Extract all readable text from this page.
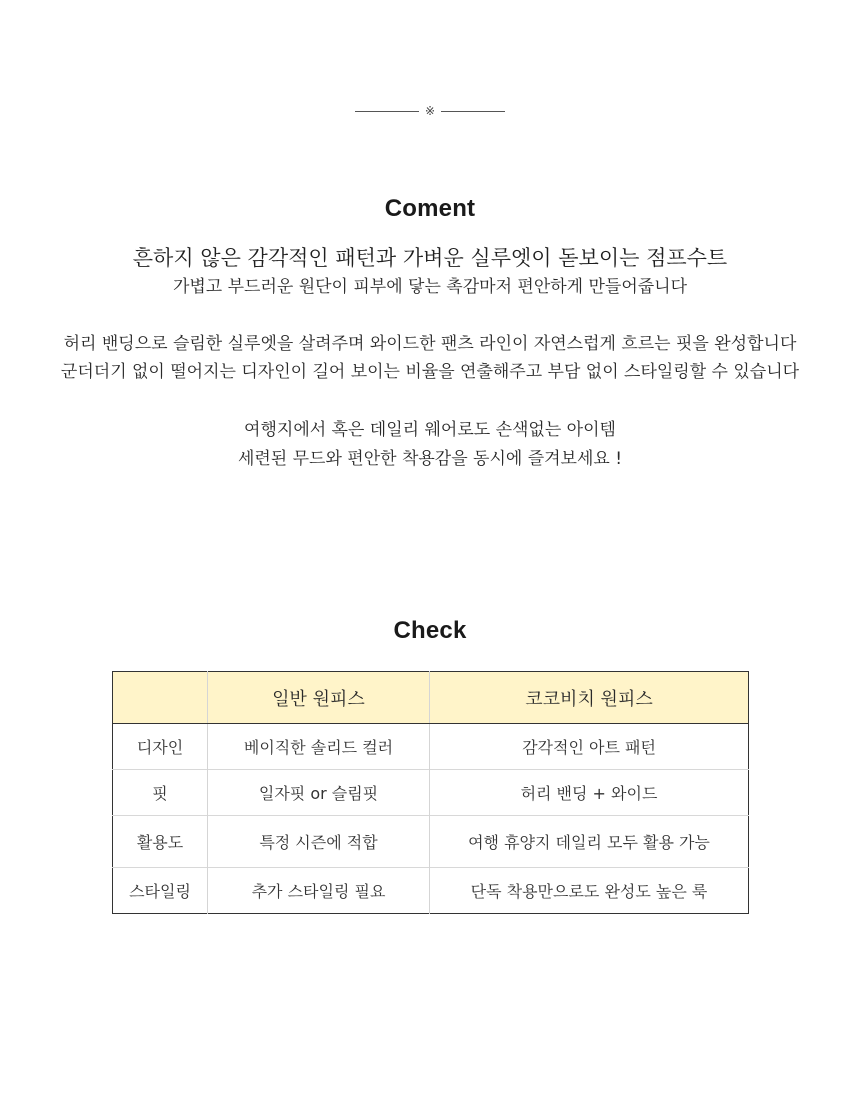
※
Coment
흔하지 않은 감각적인 패턴과 가벼운 실루엣이 돋보이는 점프수트
가볍고 부드러운 원단이 피부에 닿는 촉감마저 편안하게 만들어줍니다
허리 밴딩으로 슬림한 실루엣을 살려주며 와이드한 팬츠 라인이 자연스럽게 흐르는 핏을 완성합니다
군더더기 없이 떨어지는 디자인이 길어 보이는 비율을 연출해주고 부담 없이 스타일링할 수 있습니다
여행지에서 혹은 데일리 웨어로도 손색없는 아이템
세련된 무드와 편안한 착용감을 동시에 즐겨보세요 !
Check
	일반 원피스	코코비치 원피스
디자인	베이직한 솔리드 컬러	감각적인 아트 패턴
핏	일자핏 or 슬림핏	허리 밴딩 + 와이드
활용도	특정 시즌에 적합	여행 휴양지 데일리 모두 활용 가능
스타일링	추가 스타일링 필요	단독 착용만으로도 완성도 높은 룩
